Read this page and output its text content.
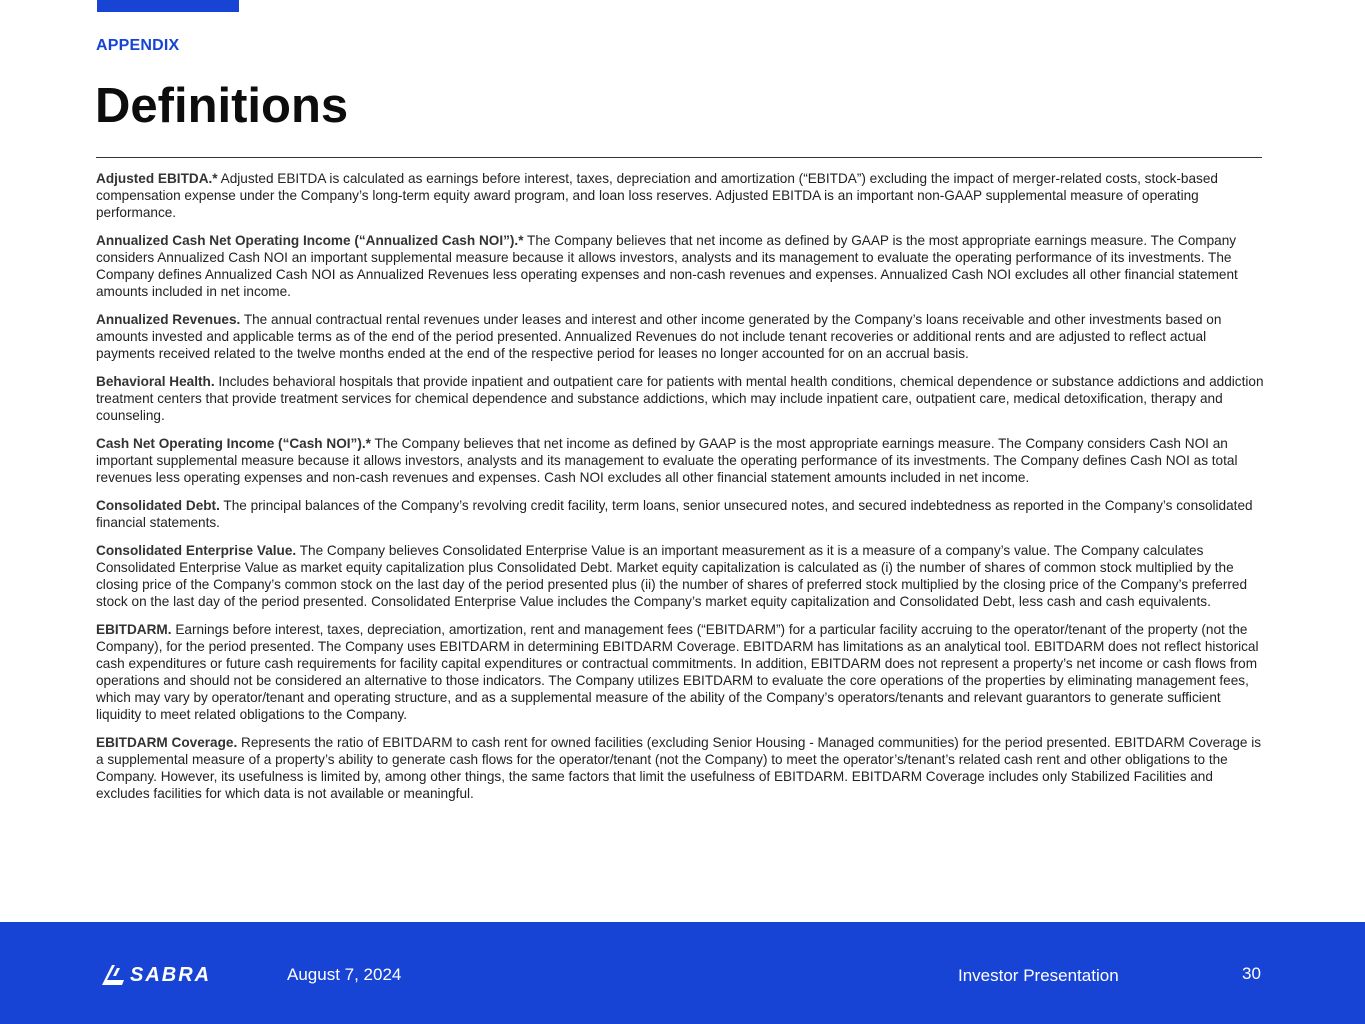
APPENDIX
Definitions

Adjusted EBITDA.* Adjusted EBITDA is calculated as earnings before interest, taxes, depreciation and amortization (“EBITDA”) excluding the impact of merger-related costs, stock-based compensation expense under the Company’s long-term equity award program, and loan loss reserves. Adjusted EBITDA is an important non-GAAP supplemental measure of operating performance.

Annualized Cash Net Operating Income (“Annualized Cash NOI”).* The Company believes that net income as defined by GAAP is the most appropriate earnings measure. The Company considers Annualized Cash NOI an important supplemental measure because it allows investors, analysts and its management to evaluate the operating performance of its investments. The Company defines Annualized Cash NOI as Annualized Revenues less operating expenses and non-cash revenues and expenses. Annualized Cash NOI excludes all other financial statement amounts included in net income.

Annualized Revenues. The annual contractual rental revenues under leases and interest and other income generated by the Company’s loans receivable and other investments based on amounts invested and applicable terms as of the end of the period presented. Annualized Revenues do not include tenant recoveries or additional rents and are adjusted to reflect actual payments received related to the twelve months ended at the end of the respective period for leases no longer accounted for on an accrual basis.

Behavioral Health. Includes behavioral hospitals that provide inpatient and outpatient care for patients with mental health conditions, chemical dependence or substance addictions and addiction treatment centers that provide treatment services for chemical dependence and substance addictions, which may include inpatient care, outpatient care, medical detoxification, therapy and counseling.

Cash Net Operating Income (“Cash NOI”).* The Company believes that net income as defined by GAAP is the most appropriate earnings measure. The Company considers Cash NOI an important supplemental measure because it allows investors, analysts and its management to evaluate the operating performance of its investments. The Company defines Cash NOI as total revenues less operating expenses and non-cash revenues and expenses. Cash NOI excludes all other financial statement amounts included in net income.

Consolidated Debt. The principal balances of the Company’s revolving credit facility, term loans, senior unsecured notes, and secured indebtedness as reported in the Company’s consolidated financial statements.

Consolidated Enterprise Value. The Company believes Consolidated Enterprise Value is an important measurement as it is a measure of a company’s value. The Company calculates Consolidated Enterprise Value as market equity capitalization plus Consolidated Debt. Market equity capitalization is calculated as (i) the number of shares of common stock multiplied by the closing price of the Company’s common stock on the last day of the period presented plus (ii) the number of shares of preferred stock multiplied by the closing price of the Company’s preferred stock on the last day of the period presented. Consolidated Enterprise Value includes the Company’s market equity capitalization and Consolidated Debt, less cash and cash equivalents.

EBITDARM. Earnings before interest, taxes, depreciation, amortization, rent and management fees (“EBITDARM”) for a particular facility accruing to the operator/tenant of the property (not the Company), for the period presented. The Company uses EBITDARM in determining EBITDARM Coverage. EBITDARM has limitations as an analytical tool. EBITDARM does not reflect historical cash expenditures or future cash requirements for facility capital expenditures or contractual commitments. In addition, EBITDARM does not represent a property’s net income or cash flows from operations and should not be considered an alternative to those indicators. The Company utilizes EBITDARM to evaluate the core operations of the properties by eliminating management fees, which may vary by operator/tenant and operating structure, and as a supplemental measure of the ability of the Company’s operators/tenants and relevant guarantors to generate sufficient liquidity to meet related obligations to the Company.

EBITDARM Coverage. Represents the ratio of EBITDARM to cash rent for owned facilities (excluding Senior Housing - Managed communities) for the period presented. EBITDARM Coverage is a supplemental measure of a property’s ability to generate cash flows for the operator/tenant (not the Company) to meet the operator’s/tenant’s related cash rent and other obligations to the Company. However, its usefulness is limited by, among other things, the same factors that limit the usefulness of EBITDARM. EBITDARM Coverage includes only Stabilized Facilities and excludes facilities for which data is not available or meaningful.

SABRA	August 7, 2024	Investor Presentation	30
